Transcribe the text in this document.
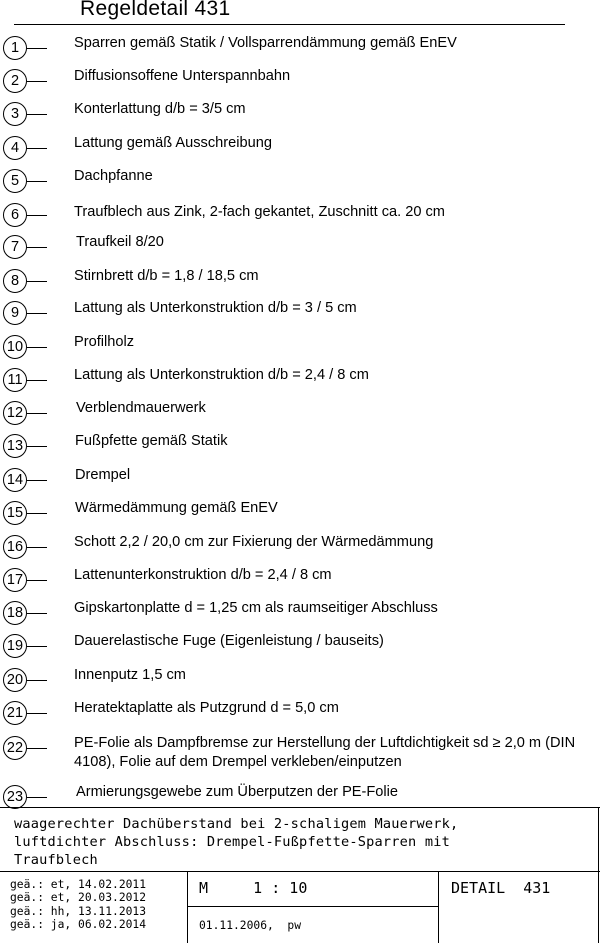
Regeldetail 431
1	Sparren gemäß Statik / Vollsparrendämmung gemäß EnEV
2	Diffusionsoffene Unterspannbahn
3	Konterlattung d/b = 3/5 cm
4	Lattung gemäß Ausschreibung
5	Dachpfanne
6	Traufblech aus Zink, 2-fach gekantet, Zuschnitt ca. 20 cm
7	Traufkeil 8/20
8	Stirnbrett d/b = 1,8 / 18,5 cm
9	Lattung als Unterkonstruktion d/b = 3 / 5 cm
10	Profilholz
11	Lattung als Unterkonstruktion d/b = 2,4 / 8 cm
12	Verblendmauerwerk
13	Fußpfette gemäß Statik
14	Drempel
15	Wärmedämmung gemäß EnEV
16	Schott 2,2 / 20,0 cm zur Fixierung der Wärmedämmung
17	Lattenunterkonstruktion d/b = 2,4 / 8 cm
18	Gipskartonplatte d = 1,25 cm als raumseitiger Abschluss
19	Dauerelastische Fuge (Eigenleistung / bauseits)
20	Innenputz 1,5 cm
21	Heratektaplatte als Putzgrund d = 5,0 cm
22	PE-Folie als Dampfbremse zur Herstellung der Luftdichtigkeit sd ≥ 2,0 m (DIN 4108), Folie auf dem Drempel verkleben/einputzen
23	Armierungsgewebe zum Überputzen der PE-Folie
waagerechter Dachüberstand bei 2-schaligem Mauerwerk,
luftdichter Abschluss: Drempel-Fußpfette-Sparren mit
Traufblech
geä.: et, 14.02.2011
geä.: et, 20.03.2012
geä.: hh, 13.11.2013
geä.: ja, 06.02.2014
M     1 : 10
01.11.2006,  pw
DETAIL  431
